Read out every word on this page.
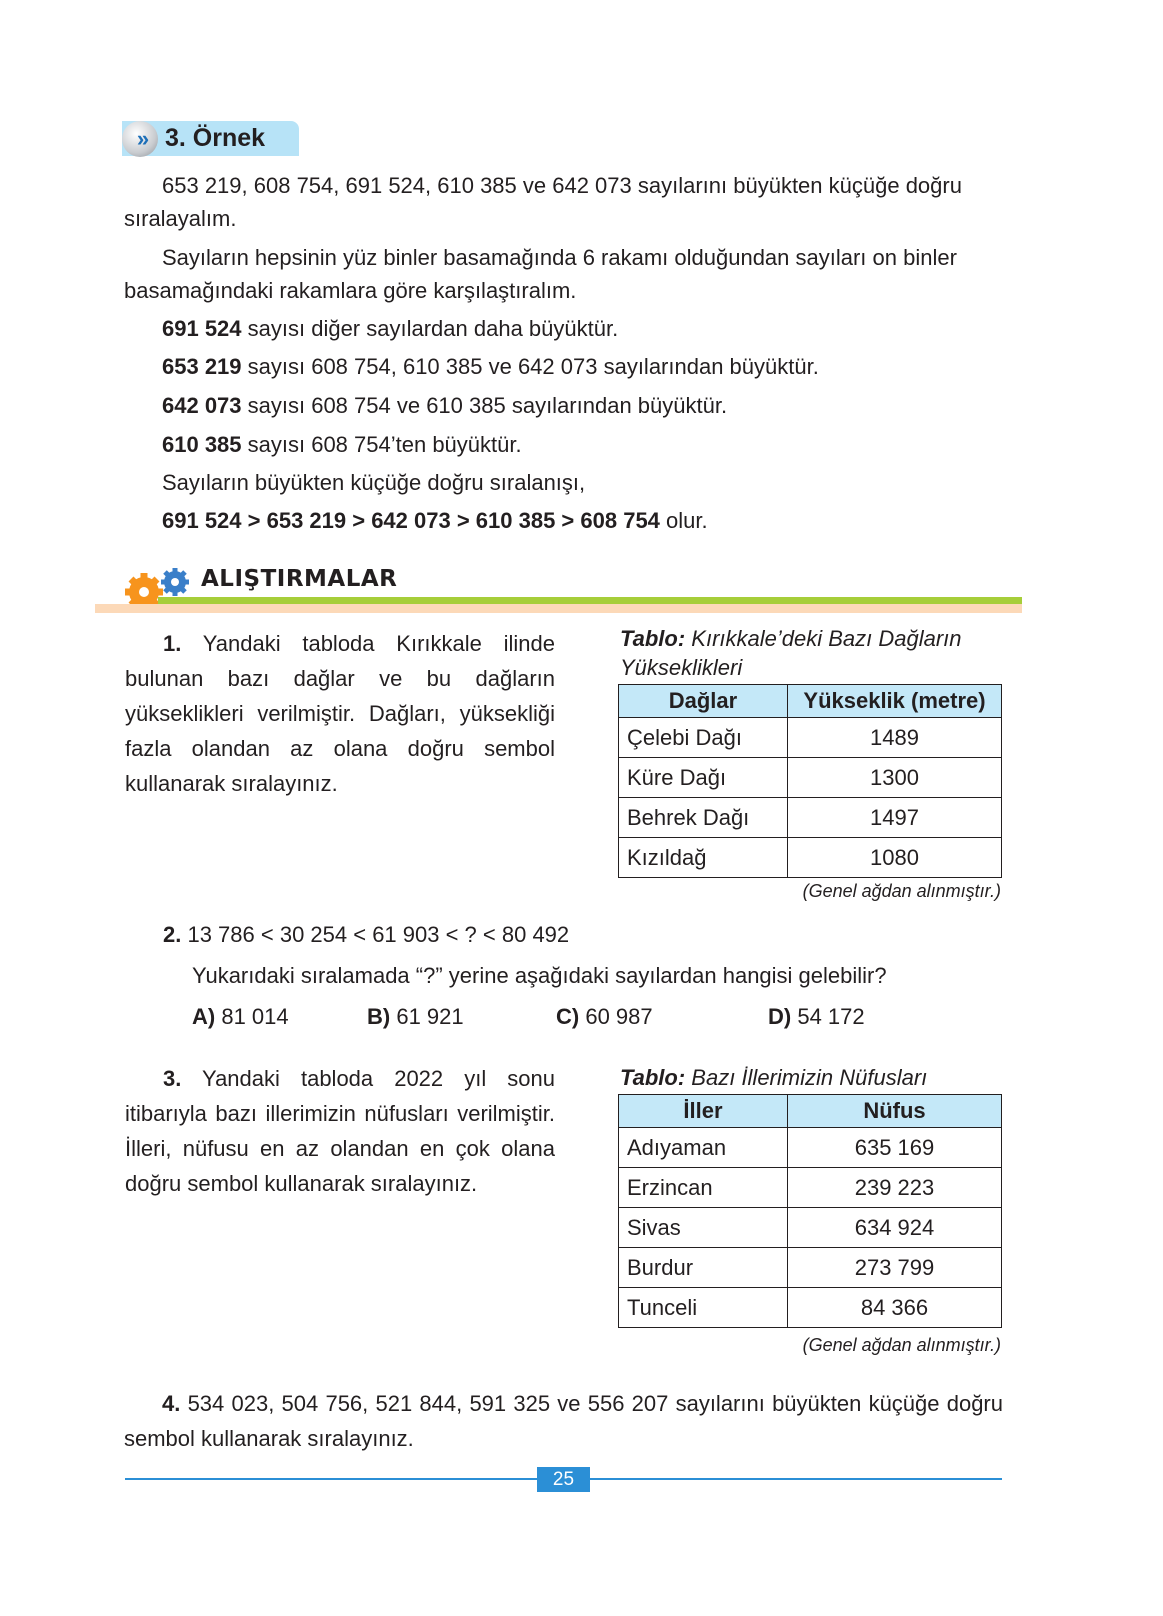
» 3. Örnek

653 219, 608 754, 691 524, 610 385 ve 642 073 sayılarını büyükten küçüğe doğru sıralayalım.

Sayıların hepsinin yüz binler basamağında 6 rakamı olduğundan sayıları on binler basamağındaki rakamlara göre karşılaştıralım.

691 524 sayısı diğer sayılardan daha büyüktür.
653 219 sayısı 608 754, 610 385 ve 642 073 sayılarından büyüktür.
642 073 sayısı 608 754 ve 610 385 sayılarından büyüktür.
610 385 sayısı 608 754’ten büyüktür.
Sayıların büyükten küçüğe doğru sıralanışı,
691 524 > 653 219 > 642 073 > 610 385 > 608 754 olur.
ALIŞTIRMALAR

1. Yandaki tabloda Kırıkkale ilinde bulunan bazı dağlar ve bu dağların yükseklikleri verilmiştir. Dağları, yüksekliği fazla olandan az olana doğru sembol kullanarak sıralayınız.

Tablo: Kırıkkale’deki Bazı Dağların Yükseklikleri
Dağlar	Yükseklik (metre)
Çelebi Dağı	1489
Küre Dağı	1300
Behrek Dağı	1497
Kızıldağ	1080
(Genel ağdan alınmıştır.)
2. 13 786 < 30 254 < 61 903 < ? < 80 492
Yukarıdaki sıralamada “?” yerine aşağıdaki sayılardan hangisi gelebilir?
A) 81 014	B) 61 921	C) 60 987	D) 54 172

3. Yandaki tabloda 2022 yıl sonu itibarıyla bazı illerimizin nüfusları verilmiştir. İlleri, nüfusu en az olandan en çok olana doğru sembol kullanarak sıralayınız.

Tablo: Bazı İllerimizin Nüfusları
İller	Nüfus
Adıyaman	635 169
Erzincan	239 223
Sivas	634 924
Burdur	273 799
Tunceli	84 366
(Genel ağdan alınmıştır.)

4. 534 023, 504 756, 521 844, 591 325 ve 556 207 sayılarını büyükten küçüğe doğru sembol kullanarak sıralayınız.

25
